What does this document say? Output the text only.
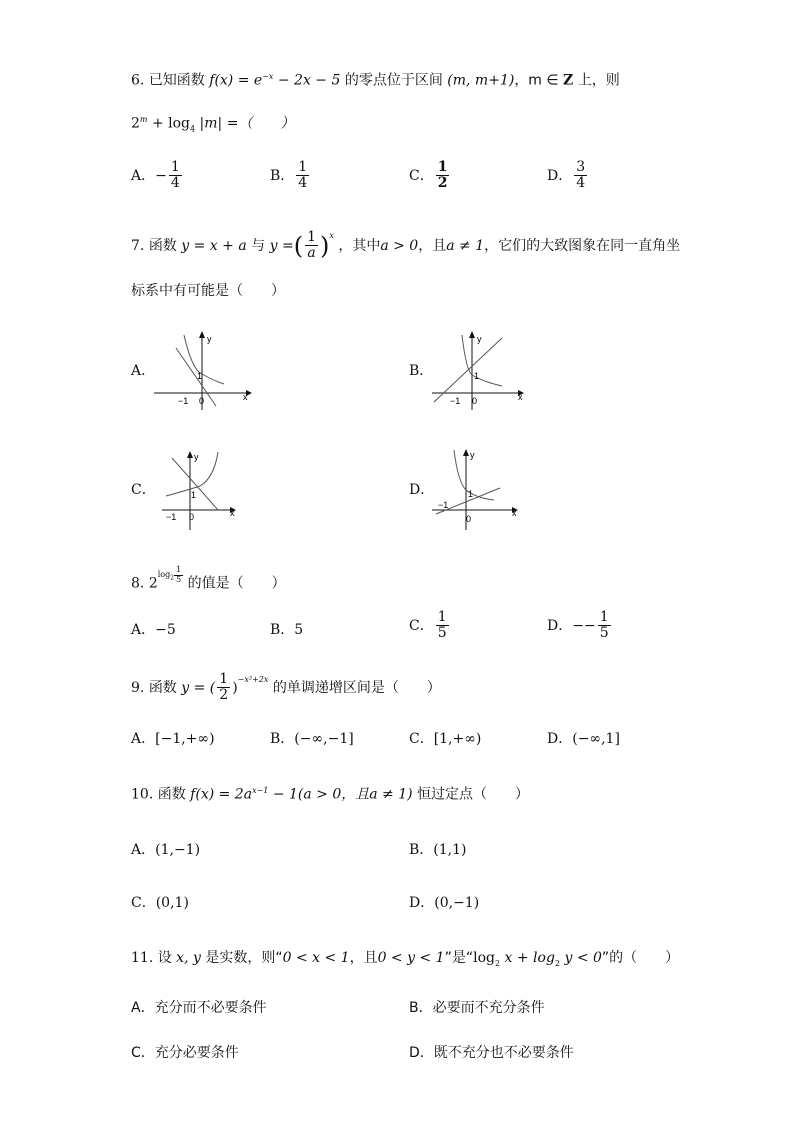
6. 已知函数 $f(x) = e^{-x} - 2x - 5$ 的零点位于区间 (m, m+1)，m ∈ Z 上，则
$2^m + \log_4 |m|$ =（　　）
A．− $\frac{1}{4}$	B． $\frac{1}{4}$	C． $\frac{1}{2}$	D． $\frac{3}{4}$
7. 函数 y = x + a 与 y =( $\frac{1}{a} )^x$ ，其中a > 0，且a ≠ 1，它们的大致图象在同一直角坐
标系中有可能是（　　）
A．
y
x
1
0
−1
B．
y
x
1
0
−1
C．
y
x
1
0
−1
D．
y
x
1
0
−1
8. $2^{log_2 \frac{1}{5}}$ 的值是（　　）
A．−5	B．5	C． $\frac{1}{5}$	D．−− $\frac{1}{5}$
9. 函数 y = ( $\frac{1}{2} )^{-x^2+2x}$ 的单调递增区间是（　　）
A．[−1,+∞)	B．(−∞,−1]	C．[1,+∞)	D．(−∞,1]
10. 函数 $f(x) = 2a^{x-1} - 1(a > 0$，且a ≠ 1) 恒过定点（　　）
A．(1,−1)	B．(1,1)
C．(0,1)	D．(0,−1)
11. 设 x, y 是实数，则“0 < x < 1，且0 < y < 1”是“$\log_2$ $x + \log_2 y < 0$”的（　　）
A．充分而不必要条件	B．必要而不充分条件
C．充分必要条件	D．既不充分也不必要条件
